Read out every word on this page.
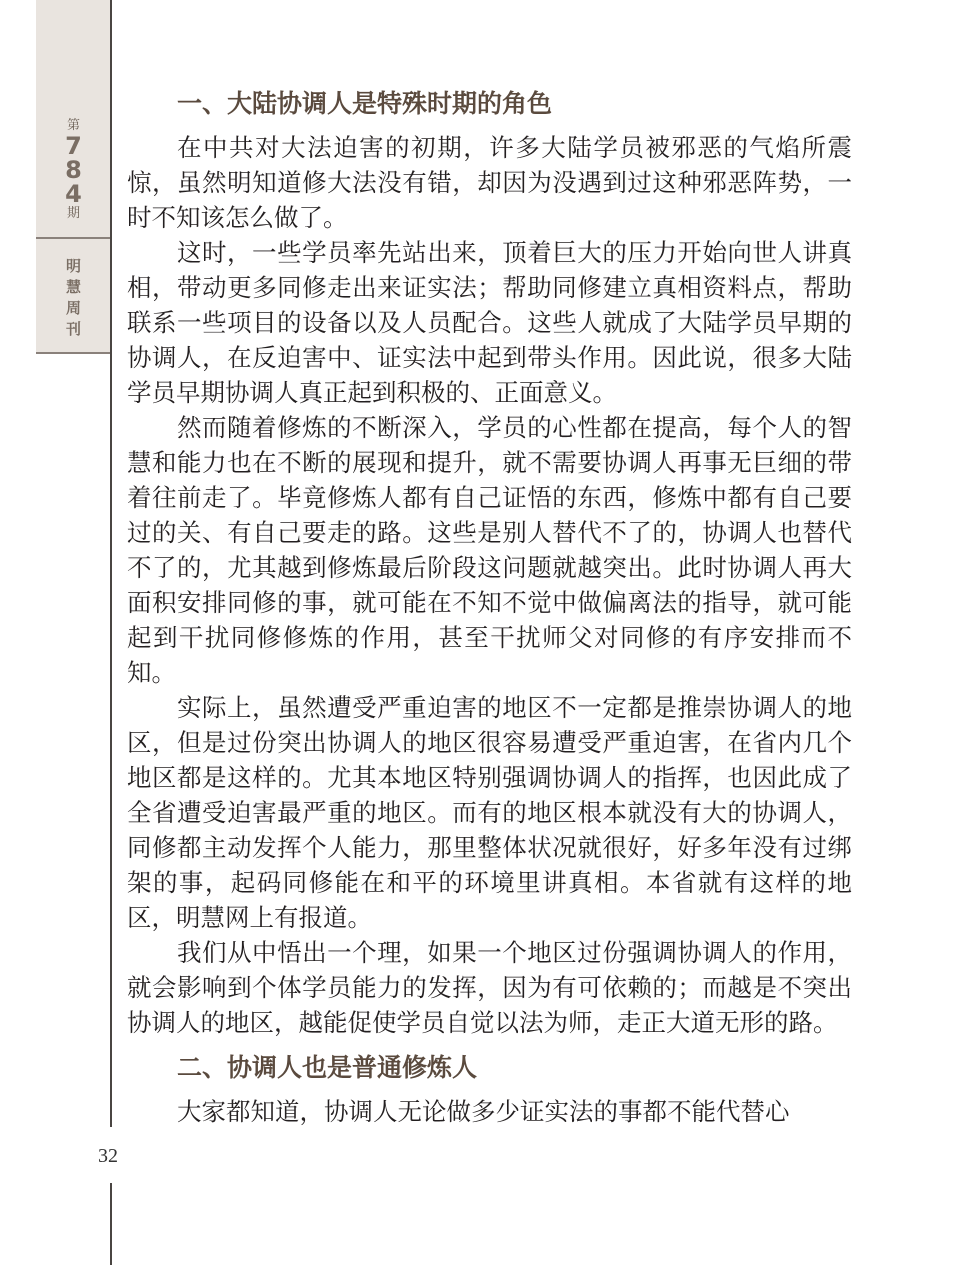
第
7
8
4
期
明
慧
周
刊
32
一、大陆协调人是特殊时期的角色

在中共对大法迫害的初期，许多大陆学员被邪恶的气焰所震惊，虽然明知道修大法没有错，却因为没遇到过这种邪恶阵势，一时不知该怎么做了。

这时，一些学员率先站出来，顶着巨大的压力开始向世人讲真相，带动更多同修走出来证实法；帮助同修建立真相资料点，帮助联系一些项目的设备以及人员配合。这些人就成了大陆学员早期的协调人，在反迫害中、证实法中起到带头作用。因此说，很多大陆学员早期协调人真正起到积极的、正面意义。

然而随着修炼的不断深入，学员的心性都在提高，每个人的智慧和能力也在不断的展现和提升，就不需要协调人再事无巨细的带着往前走了。毕竟修炼人都有自己证悟的东西，修炼中都有自己要过的关、有自己要走的路。这些是别人替代不了的，协调人也替代不了的，尤其越到修炼最后阶段这问题就越突出。此时协调人再大面积安排同修的事，就可能在不知不觉中做偏离法的指导，就可能起到干扰同修修炼的作用，甚至干扰师父对同修的有序安排而不知。

实际上，虽然遭受严重迫害的地区不一定都是推崇协调人的地区，但是过份突出协调人的地区很容易遭受严重迫害，在省内几个地区都是这样的。尤其本地区特别强调协调人的指挥，也因此成了全省遭受迫害最严重的地区。而有的地区根本就没有大的协调人，同修都主动发挥个人能力，那里整体状况就很好，好多年没有过绑架的事，起码同修能在和平的环境里讲真相。本省就有这样的地区，明慧网上有报道。

我们从中悟出一个理，如果一个地区过份强调协调人的作用，就会影响到个体学员能力的发挥，因为有可依赖的；而越是不突出协调人的地区，越能促使学员自觉以法为师，走正大道无形的路。

二、协调人也是普通修炼人

大家都知道，协调人无论做多少证实法的事都不能代替心
